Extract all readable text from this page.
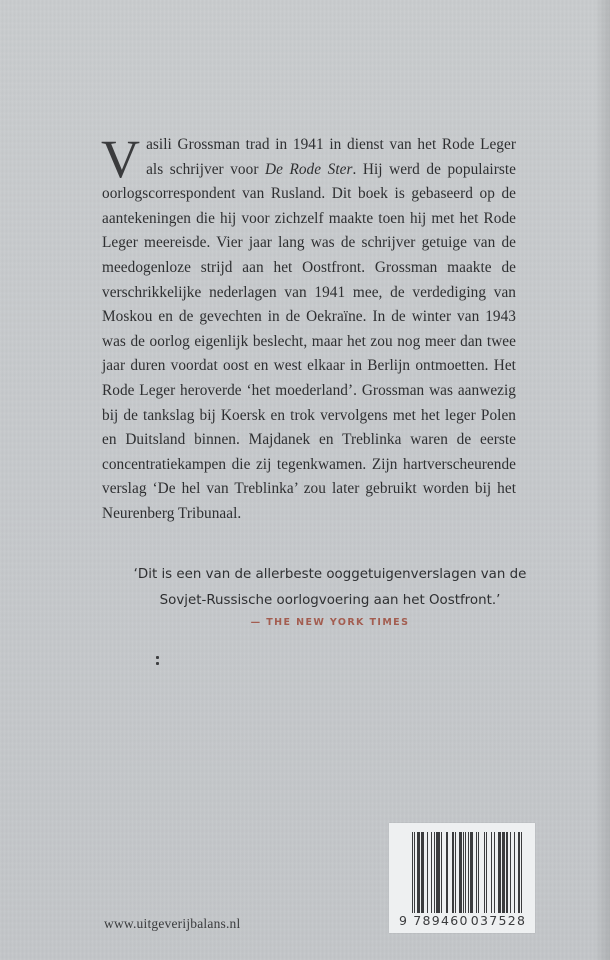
Vasili Grossman trad in 1941 in dienst van het Rode Leger als schrijver voor De Rode Ster. Hij werd de populairste oorlogscorrespondent van Rusland. Dit boek is gebaseerd op de aantekeningen die hij voor zichzelf maakte toen hij met het Rode Leger meereisde. Vier jaar lang was de schrijver getuige van de meedogenloze strijd aan het Oostfront. Grossman maakte de verschrikkelijke nederlagen van 1941 mee, de verdediging van Moskou en de gevechten in de Oekraïne. In de winter van 1943 was de oorlog eigenlijk beslecht, maar het zou nog meer dan twee jaar duren voordat oost en west elkaar in Berlijn ontmoetten. Het Rode Leger heroverde ‘het moederland’. Grossman was aanwezig bij de tankslag bij Koersk en trok vervolgens met het leger Polen en Duitsland binnen. Majdanek en Treblinka waren de eerste concentratiekampen die zij tegenkwamen. Zijn hartverscheurende verslag ‘De hel van Treblinka’ zou later gebruikt worden bij het Neurenberg Tribunaal.
‘Dit is een van de allerbeste ooggetuigenverslagen van de
Sovjet-Russische oorlogvoering aan het Oostfront.’
— THE NEW YORK TIMES
www.uitgeverijbalans.nl	9 789460 037528
